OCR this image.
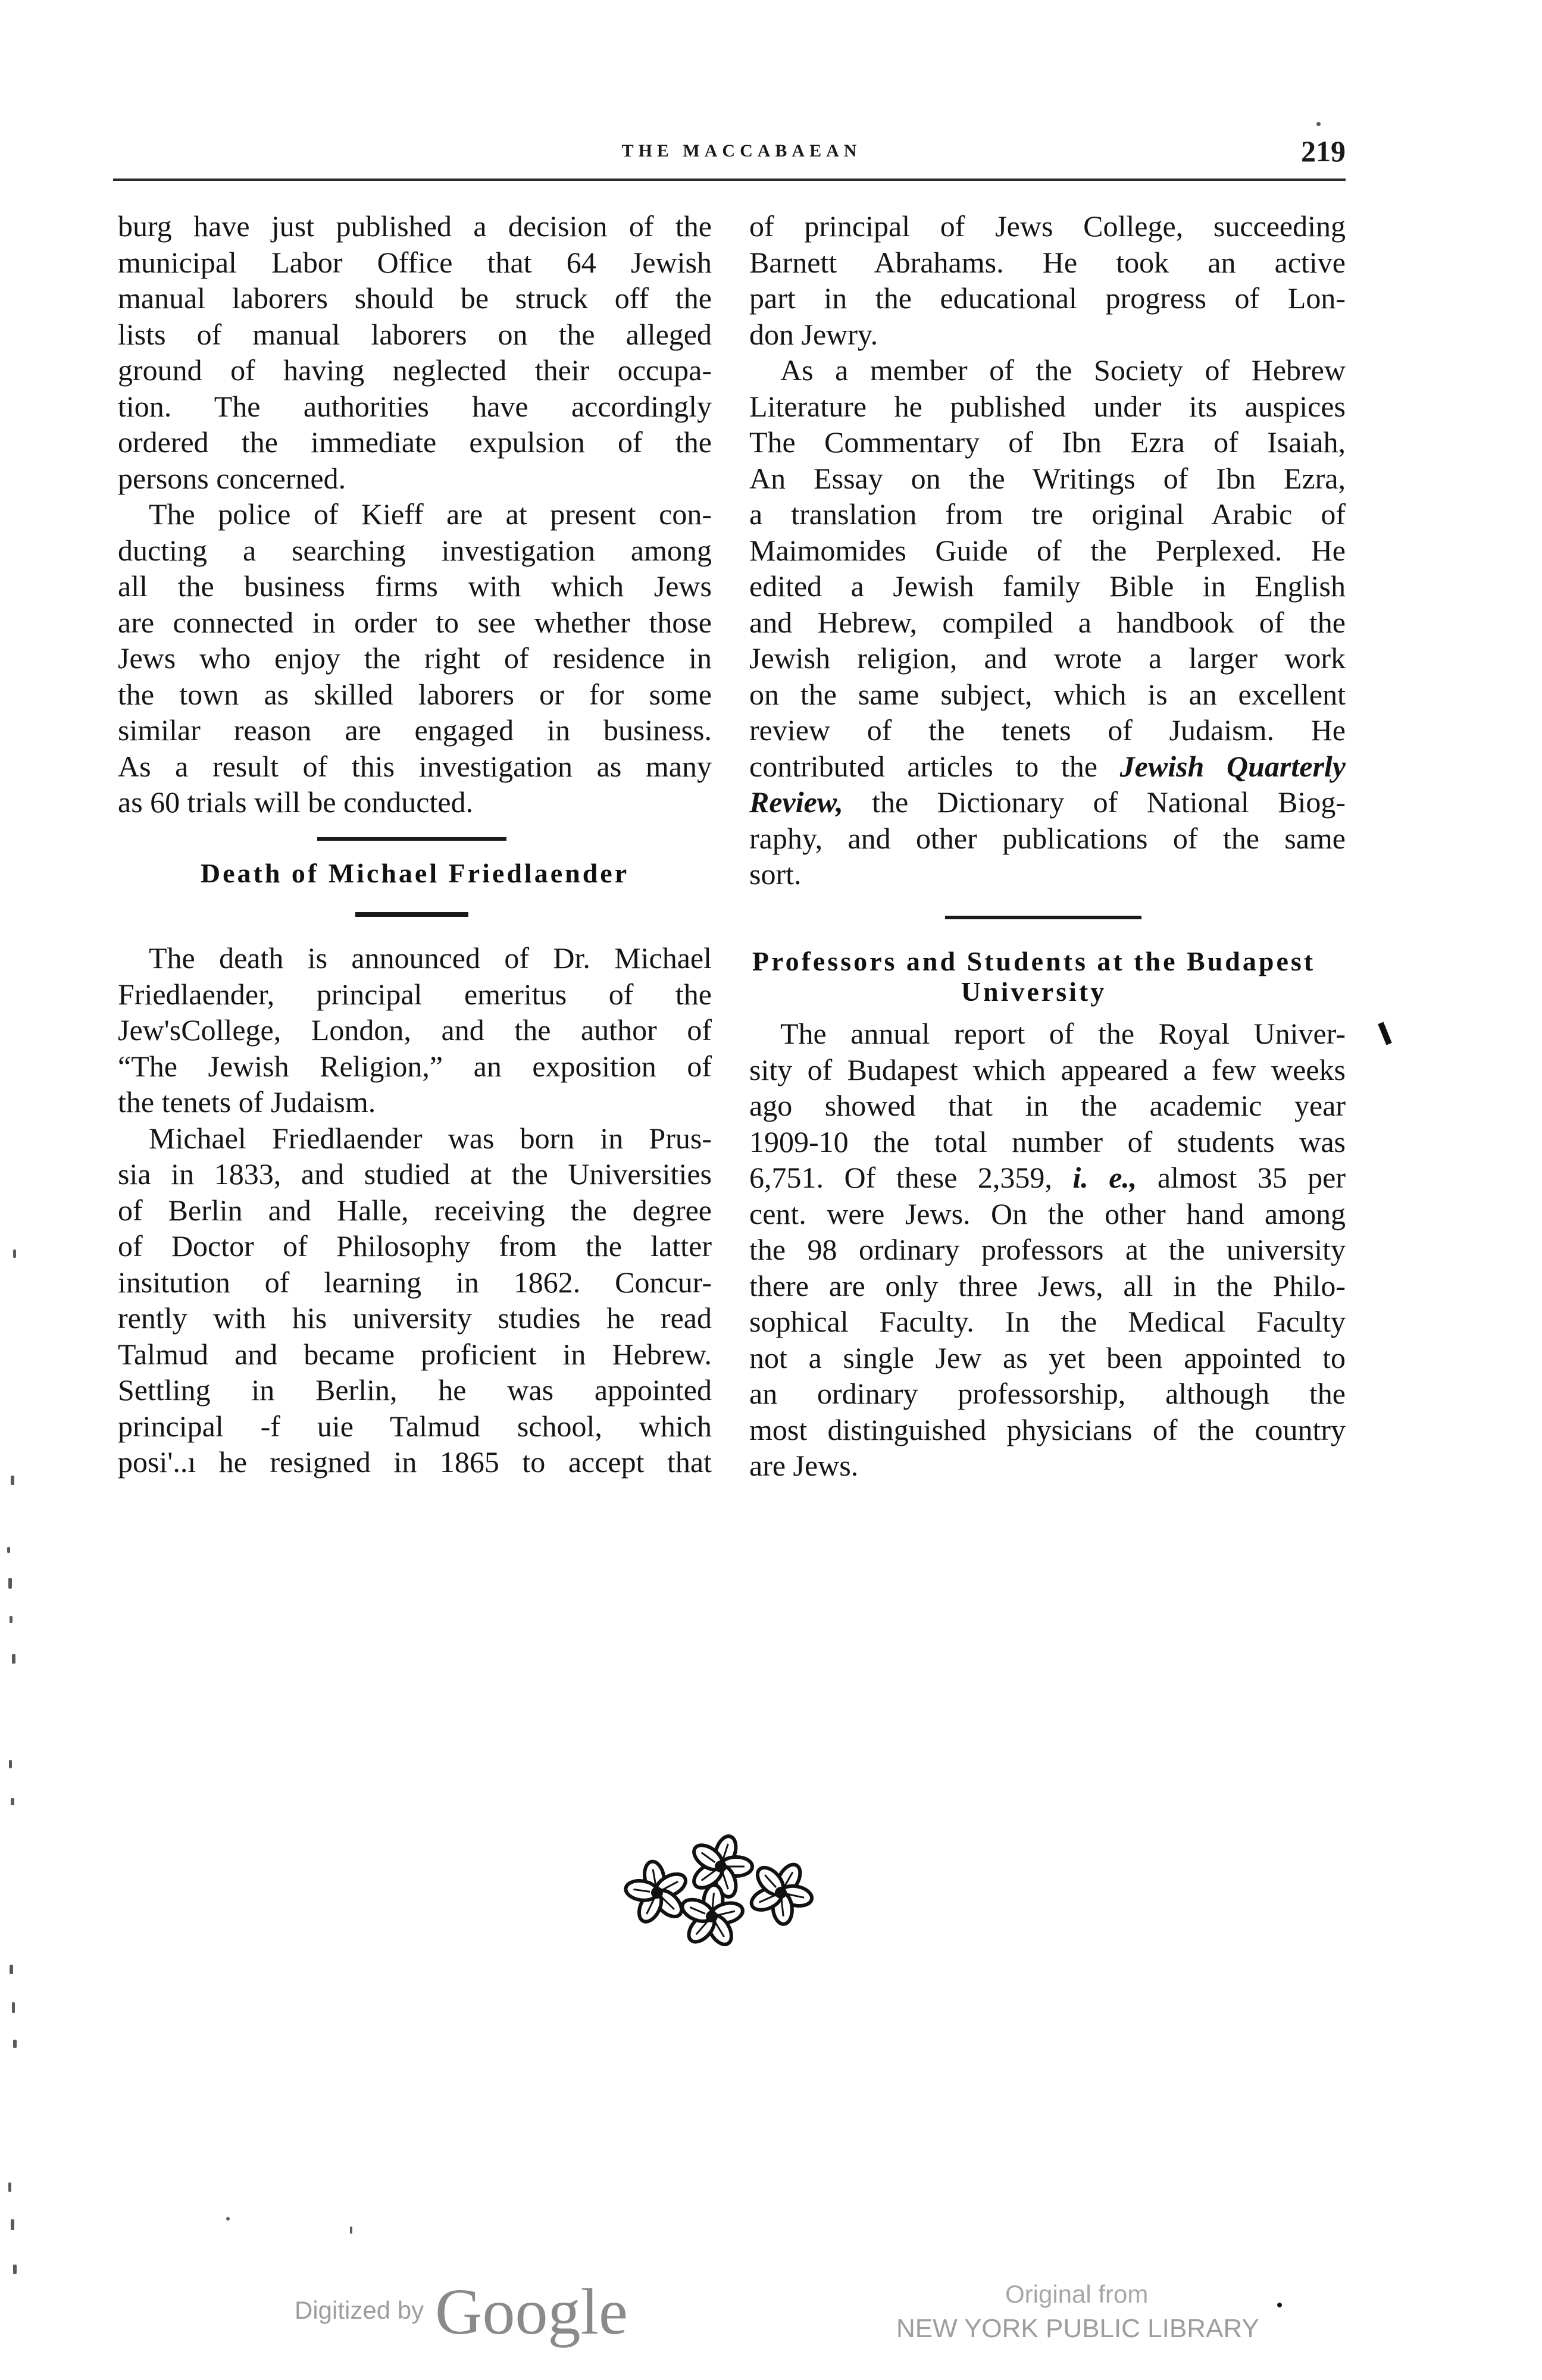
THE MACCABAEAN	219
burg have just published a decision of the
municipal Labor Office that 64 Jewish
manual laborers should be struck off the
lists of manual laborers on the alleged
ground of having neglected their occupa-
tion. The authorities have accordingly
ordered the immediate expulsion of the
persons concerned.
The police of Kieff are at present con-
ducting a searching investigation among
all the business firms with which Jews
are connected in order to see whether those
Jews who enjoy the right of residence in
the town as skilled laborers or for some
similar reason are engaged in business.
As a result of this investigation as many
as 60 trials will be conducted.
Death of Michael Friedlaender
The death is announced of Dr. Michael
Friedlaender, principal emeritus of the
Jew'sCollege, London, and the author of
“The Jewish Religion,” an exposition of
the tenets of Judaism.
Michael Friedlaender was born in Prus-
sia in 1833, and studied at the Universities
of Berlin and Halle, receiving the degree
of Doctor of Philosophy from the latter
insitution of learning in 1862. Concur-
rently with his university studies he read
Talmud and became proficient in Hebrew.
Settling in Berlin, he was appointed
principal -f uie Talmud school, which
posi'..ı he resigned in 1865 to accept that
of principal of Jews College, succeeding
Barnett Abrahams. He took an active
part in the educational progress of Lon-
don Jewry.
As a member of the Society of Hebrew
Literature he published under its auspices
The Commentary of Ibn Ezra of Isaiah,
An Essay on the Writings of Ibn Ezra,
a translation from tre original Arabic of
Maimomides Guide of the Perplexed. He
edited a Jewish family Bible in English
and Hebrew, compiled a handbook of the
Jewish religion, and wrote a larger work
on the same subject, which is an excellent
review of the tenets of Judaism. He
contributed articles to the Jewish Quarterly
Review, the Dictionary of National Biog-
raphy, and other publications of the same
sort.
Professors and Students at the Budapest
University
The annual report of the Royal Univer-
sity of Budapest which appeared a few weeks
ago showed that in the academic year
1909-10 the total number of students was
6,751. Of these 2,359, i. e., almost 35 per
cent. were Jews. On the other hand among
the 98 ordinary professors at the university
there are only three Jews, all in the Philo-
sophical Faculty. In the Medical Faculty
not a single Jew as yet been appointed to
an ordinary professorship, although the
most distinguished physicians of the country
are Jews.
Digitized by Google	Original from
NEW YORK PUBLIC LIBRARY
